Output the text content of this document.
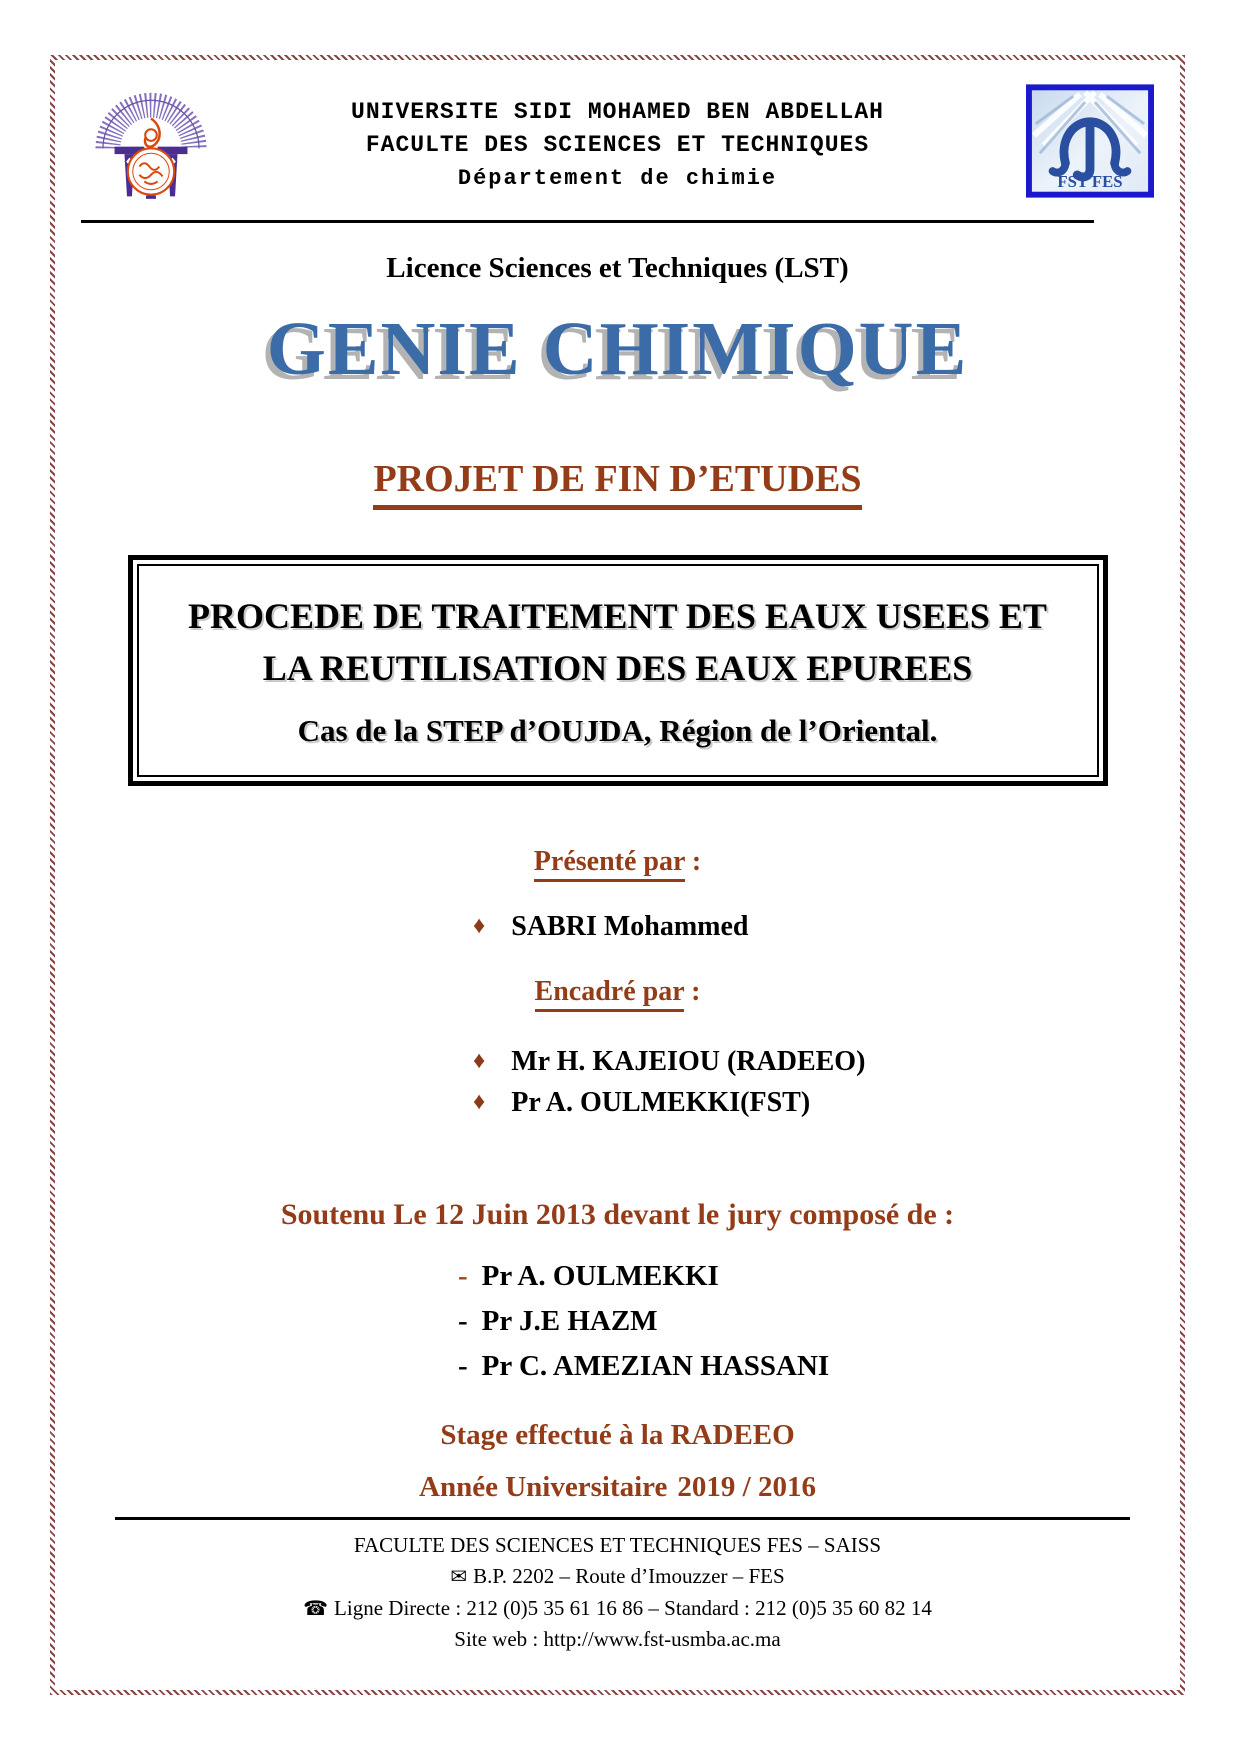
UNIVERSITE SIDI MOHAMED BEN ABDELLAH
FACULTE DES SCIENCES ET TECHNIQUES
Département de chimie	FST FES
Licence Sciences et Techniques (LST)
GENIE CHIMIQUE
PROJET DE FIN D’ETUDES
PROCEDE DE TRAITEMENT DES EAUX USEES ET
LA REUTILISATION DES EAUX EPUREES
Cas de la STEP d’OUJDA, Région de l’Oriental.
Présenté par :
♦ SABRI Mohammed
Encadré par :
♦ Mr H. KAJEIOU (RADEEO)
♦ Pr A. OULMEKKI(FST)
Soutenu Le 12 Juin 2013 devant le jury composé de :
- Pr A. OULMEKKI
- Pr J.E HAZM
- Pr C. AMEZIAN HASSANI
Stage effectué à la RADEEO
Année Universitaire 2019 / 2016
FACULTE DES SCIENCES ET TECHNIQUES FES – SAISS
✉ B.P. 2202 – Route d’Imouzzer – FES
☎ Ligne Directe : 212 (0)5 35 61 16 86 – Standard : 212 (0)5 35 60 82 14
Site web : http://www.fst-usmba.ac.ma
